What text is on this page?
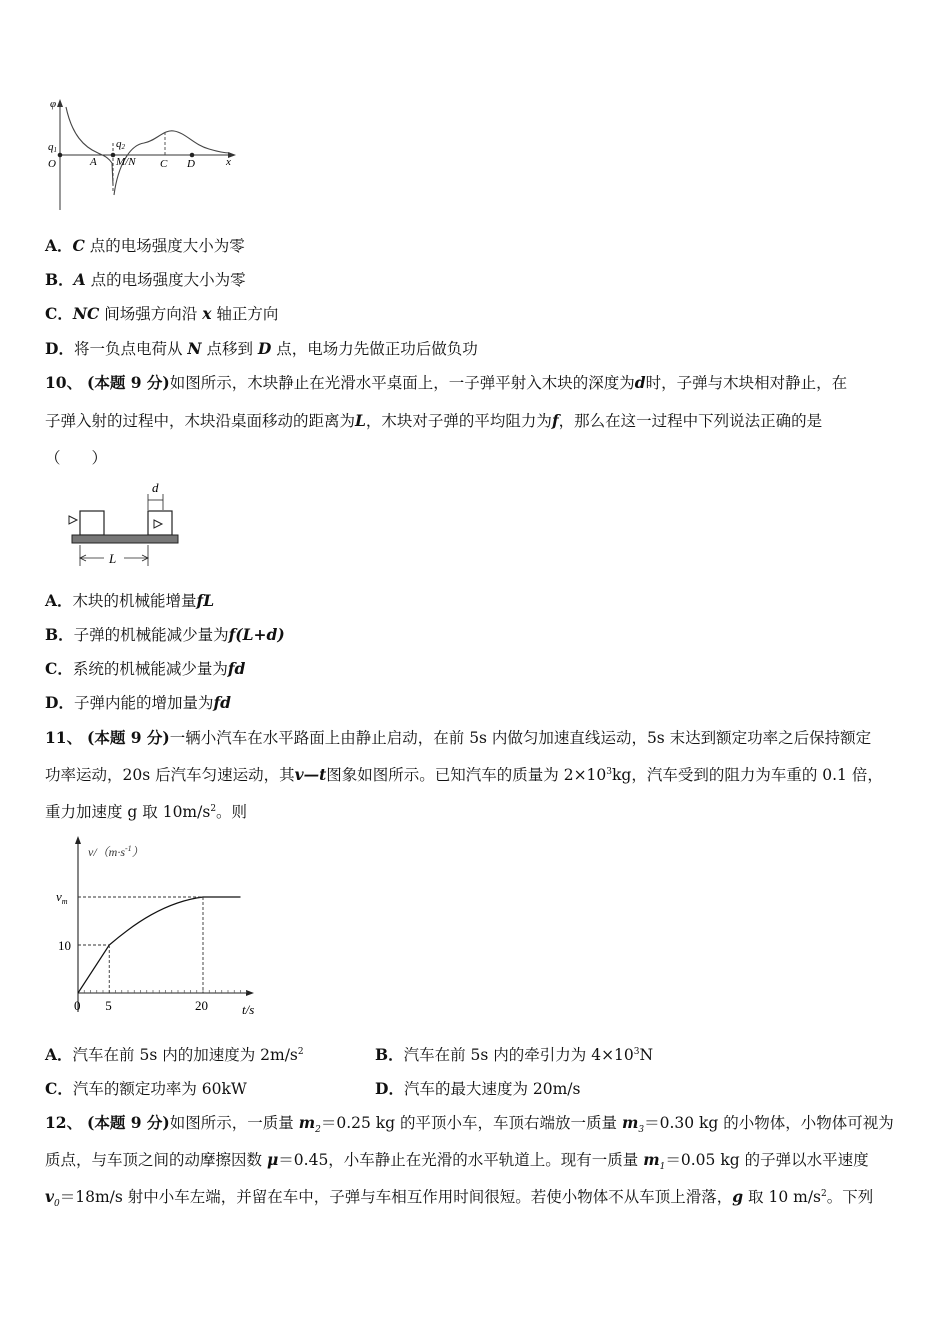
φ
q1	q2
O	A M/N C D	x
A．C 点的电场强度大小为零
B．A 点的电场强度大小为零
C．NC 间场强方向沿 x 轴正方向
D．将一负点电荷从 N 点移到 D 点，电场力先做正功后做负功
10、 (本题 9 分)如图所示，木块静止在光滑水平桌面上，一子弹平射入木块的深度为d时，子弹与木块相对静止，在
子弹入射的过程中，木块沿桌面移动的距离为L，木块对子弹的平均阻力为f，那么在这一过程中下列说法正确的是
（　　）
d
L
A．木块的机械能增量fL
B．子弹的机械能减少量为f(L+d)
C．系统的机械能减少量为fd
D．子弹内能的增加量为fd
11、 (本题 9 分)一辆小汽车在水平路面上由静止启动，在前 5s 内做匀加速直线运动，5s 末达到额定功率之后保持额定
功率运动，20s 后汽车匀速运动，其v—t图象如图所示。已知汽车的质量为 $2\times 10^3kg$，汽车受到的阻力为车重的 0.1 倍，
重力加速度 g 取 $10m/s^2$。则
$v/(m\cdot s^{-1})$
$v_m$
10
0 5	20	t/s
A．汽车在前 5s 内的加速度为 $2m/s^2$	B．汽车在前 5s 内的牵引力为 $4\times 10^3N$
C．汽车的额定功率为 60kW	D．汽车的最大速度为 20m/s
12、 (本题 9 分)如图所示，一质量 $m_2=0.25$ kg 的平顶小车，车顶右端放一质量 $m_3=0.30$ kg 的小物体，小物体可视为
质点，与车顶之间的动摩擦因数 μ＝0.45，小车静止在光滑的水平轨道上。现有一质量 $m_1=0.05$ kg 的子弹以水平速度
$v_0=18m/s$ 射中小车左端，并留在车中，子弹与车相互作用时间很短。若使小物体不从车顶上滑落，g 取 10 $m/s^2$。下列
